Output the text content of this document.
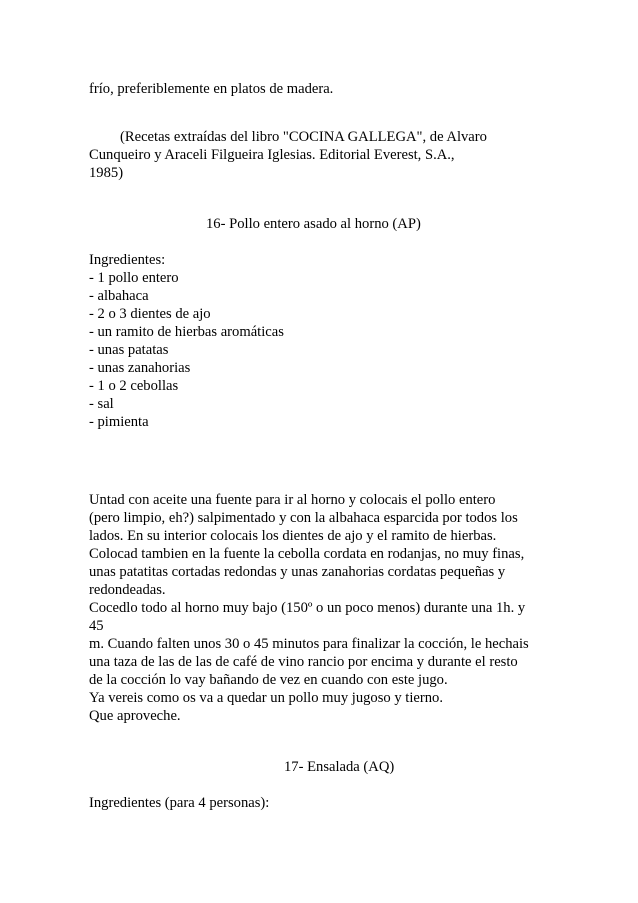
frío, preferiblemente en platos de madera.
(Recetas extraídas del libro "COCINA GALLEGA", de Alvaro
Cunqueiro y Araceli Filgueira Iglesias. Editorial Everest, S.A.,
1985)
16- Pollo entero asado al horno (AP)
Ingredientes:
- 1 pollo entero
- albahaca
- 2 o 3 dientes de ajo
- un ramito de hierbas aromáticas
- unas patatas
- unas zanahorias
- 1 o 2 cebollas
- sal
- pimienta
Untad con aceite una fuente para ir al horno y colocais el pollo entero
(pero limpio, eh?) salpimentado y con la albahaca esparcida por todos los
lados. En su interior colocais los dientes de ajo y el ramito de hierbas.
Colocad tambien en la fuente la cebolla cordata en rodanjas, no muy finas,
unas patatitas cortadas redondas y unas zanahorias cordatas pequeñas y
redondeadas.
Cocedlo todo al horno muy bajo (150º o un poco menos) durante una 1h. y
45
m. Cuando falten unos 30 o 45 minutos para finalizar la cocción, le hechais
una taza de las de las de café de vino rancio por encima y durante el resto
de la cocción lo vay bañando de vez en cuando con este jugo.
Ya vereis como os va a quedar un pollo muy jugoso y tierno.
Que aproveche.
17- Ensalada (AQ)
Ingredientes (para 4 personas):
